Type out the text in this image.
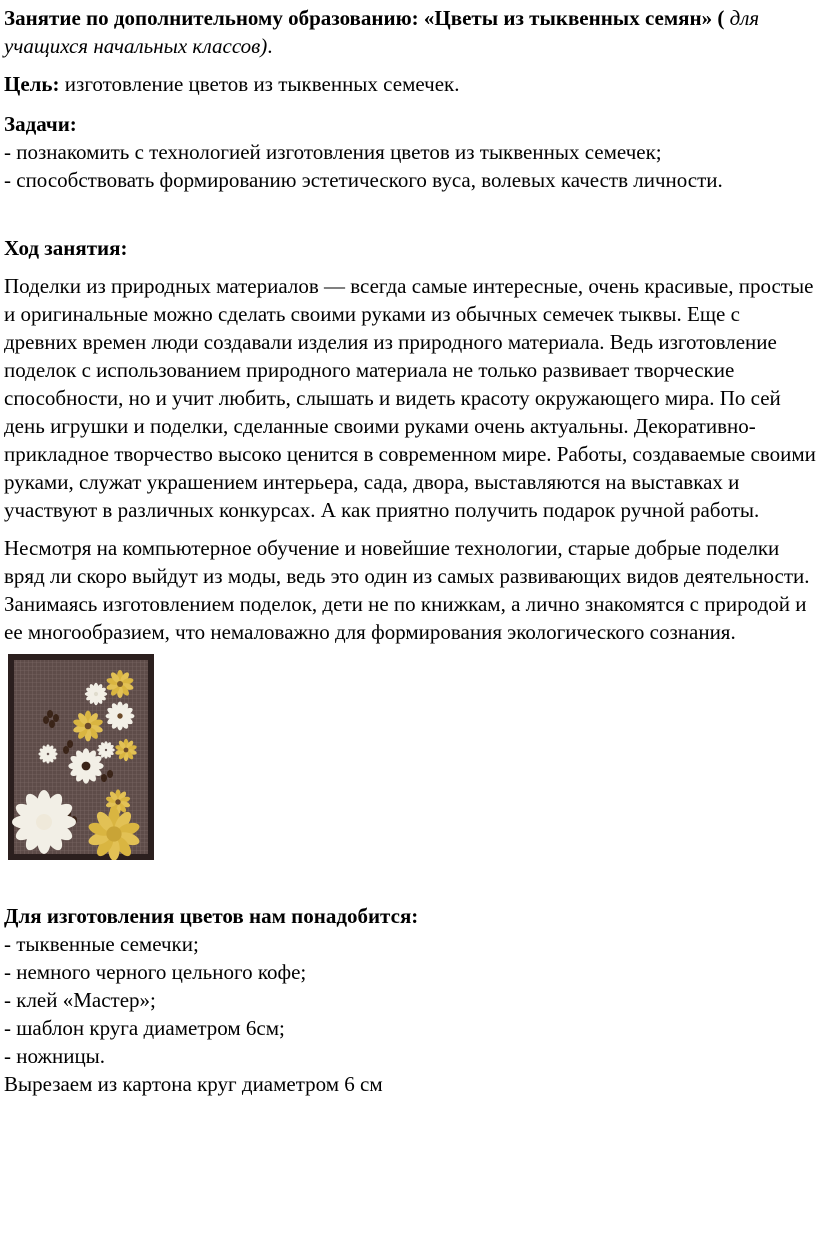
Занятие по дополнительному образованию: «Цветы из тыквенных семян» ( для учащихся начальных классов).

Цель: изготовление цветов из тыквенных семечек.

Задачи:

- познакомить с технологией изготовления цветов из тыквенных семечек;

- способствовать формированию эстетического вуса, волевых качеств личности.

Ход занятия:

Поделки из природных материалов — всегда самые интересные, очень красивые, простые и оригинальные можно сделать своими руками из обычных семечек тыквы. Еще с древних времен люди создавали изделия из природного материала. Ведь изготовление поделок с использованием природного материала не только развивает творческие способности, но и учит любить, слышать и видеть красоту окружающего мира. По сей день игрушки и поделки, сделанные своими руками очень актуальны. Декоративно-прикладное творчество высоко ценится в современном мире. Работы, создаваемые своими руками, служат украшением интерьера, сада, двора, выставляются на выставках и участвуют в различных конкурсах. А как приятно получить подарок ручной работы.

Несмотря на компьютерное обучение и новейшие технологии, старые добрые поделки вряд ли скоро выйдут из моды, ведь это один из самых развивающих видов деятельности. Занимаясь изготовлением поделок, дети не по книжкам, а лично знакомятся с природой и ее многообразием, что немаловажно для формирования экологического сознания.

Для изготовления цветов нам понадобится:

- тыквенные семечки;

- немного черного цельного кофе;

- клей «Мастер»;

- шаблон круга диаметром 6см;

- ножницы.

Вырезаем из картона круг диаметром 6 см
